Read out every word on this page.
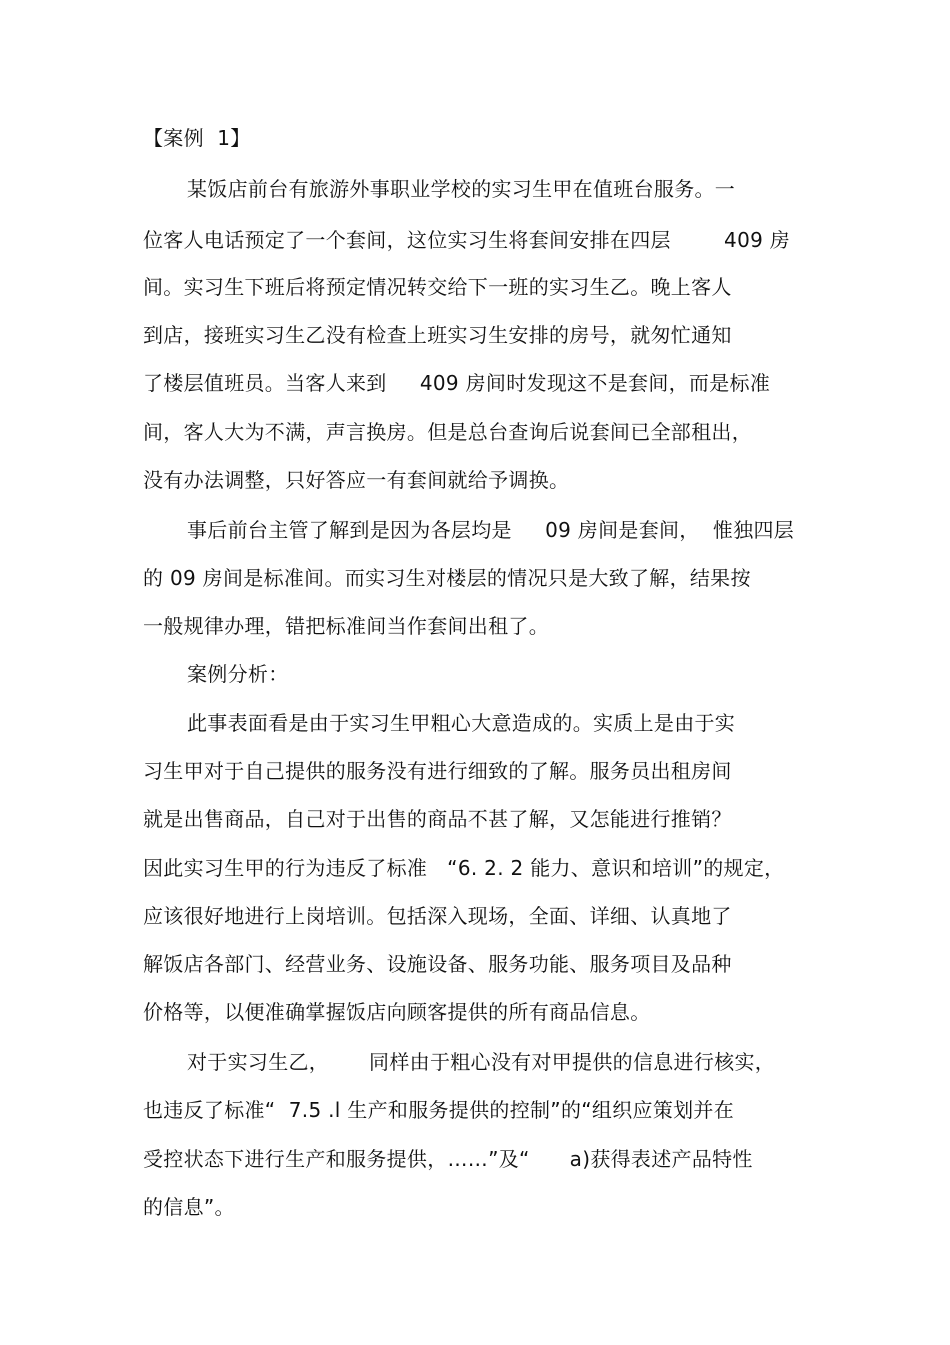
【案例  1】
某饭店前台有旅游外事职业学校的实习生甲在值班台服务。一
位客人电话预定了一个套间，这位实习生将套间安排在四层        409 房
间。实习生下班后将预定情况转交给下一班的实习生乙。晚上客人
到店，接班实习生乙没有检查上班实习生安排的房号，就匆忙通知
了楼层值班员。当客人来到     409 房间时发现这不是套间，而是标准
间，客人大为不满，声言换房。但是总台查询后说套间已全部租出，
没有办法调整，只好答应一有套间就给予调换。
事后前台主管了解到是因为各层均是     09 房间是套间，  惟独四层
的 09 房间是标准间。而实习生对楼层的情况只是大致了解，结果按
一般规律办理，错把标准间当作套间出租了。
案例分析：
此事表面看是由于实习生甲粗心大意造成的。实质上是由于实
习生甲对于自己提供的服务没有进行细致的了解。服务员出租房间
就是出售商品，自己对于出售的商品不甚了解，又怎能进行推销？
因此实习生甲的行为违反了标准   “6. 2. 2 能力、意识和培训”的规定，
应该很好地进行上岗培训。包括深入现场，全面、详细、认真地了
解饭店各部门、经营业务、设施设备、服务功能、服务项目及品种
价格等，以便准确掌握饭店向顾客提供的所有商品信息。
对于实习生乙，      同样由于粗心没有对甲提供的信息进行核实，
也违反了标准“  7.5 .l 生产和服务提供的控制”的“组织应策划并在
受控状态下进行生产和服务提供，……”及“      a)获得表述产品特性
的信息”。
